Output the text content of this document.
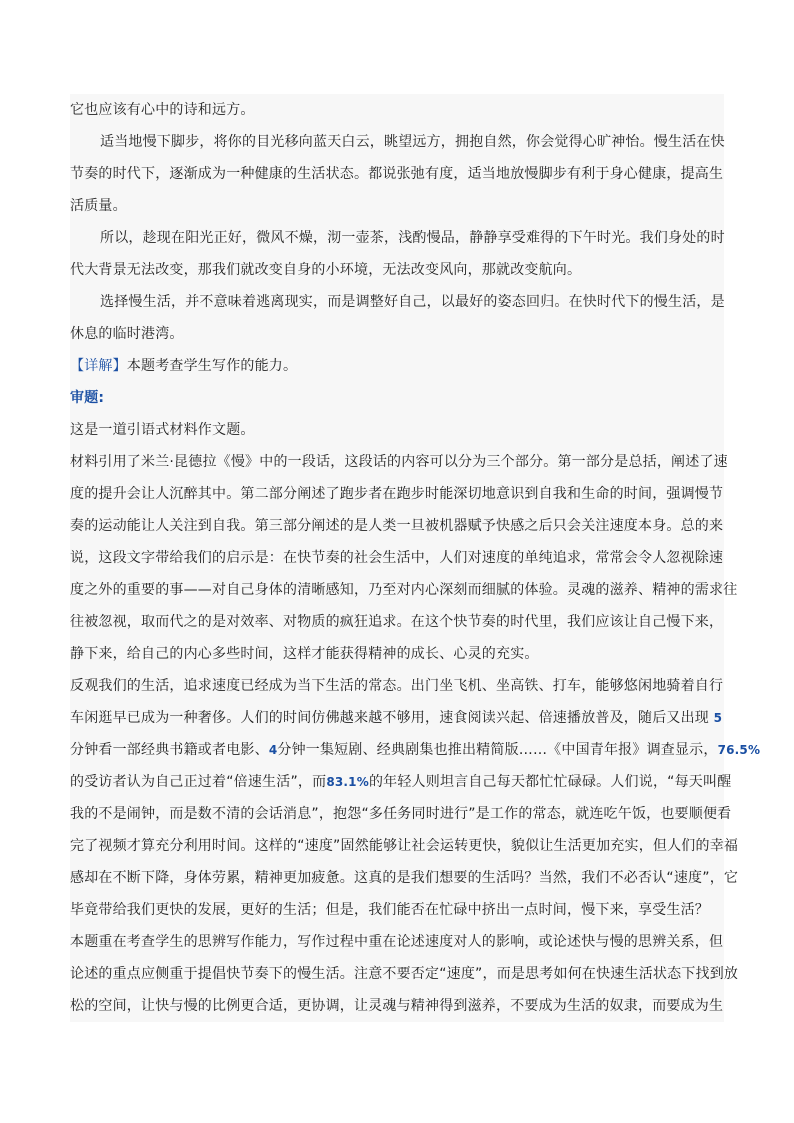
它也应该有心中的诗和远方。
适当地慢下脚步，将你的目光移向蓝天白云，眺望远方，拥抱自然，你会觉得心旷神怡。慢生活在快
节奏的时代下，逐渐成为一种健康的生活状态。都说张弛有度，适当地放慢脚步有利于身心健康，提高生
活质量。
所以，趁现在阳光正好，微风不燥，沏一壶茶，浅酌慢品，静静享受难得的下午时光。我们身处的时
代大背景无法改变，那我们就改变自身的小环境，无法改变风向，那就改变航向。
选择慢生活，并不意味着逃离现实，而是调整好自己，以最好的姿态回归。在快时代下的慢生活，是
休息的临时港湾。
【详解】本题考查学生写作的能力。
审题:
这是一道引语式材料作文题。
材料引用了米兰·昆德拉《慢》中的一段话，这段话的内容可以分为三个部分。第一部分是总括，阐述了速
度的提升会让人沉醉其中。第二部分阐述了跑步者在跑步时能深切地意识到自我和生命的时间，强调慢节
奏的运动能让人关注到自我。第三部分阐述的是人类一旦被机器赋予快感之后只会关注速度本身。总的来
说，这段文字带给我们的启示是：在快节奏的社会生活中，人们对速度的单纯追求，常常会令人忽视除速
度之外的重要的事——对自己身体的清晰感知，乃至对内心深刻而细腻的体验。灵魂的滋养、精神的需求往
往被忽视，取而代之的是对效率、对物质的疯狂追求。在这个快节奏的时代里，我们应该让自己慢下来，
静下来，给自己的内心多些时间，这样才能获得精神的成长、心灵的充实。
反观我们的生活，追求速度已经成为当下生活的常态。出门坐飞机、坐高铁、打车，能够悠闲地骑着自行
车闲逛早已成为一种奢侈。人们的时间仿佛越来越不够用，速食阅读兴起、倍速播放普及，随后又出现 5
分钟看一部经典书籍或者电影、4分钟一集短剧、经典剧集也推出精简版……《中国青年报》调查显示，76.5%
的受访者认为自己正过着“倍速生活”，而83.1%的年轻人则坦言自己每天都忙忙碌碌。人们说，“每天叫醒
我的不是闹钟，而是数不清的会话消息”，抱怨“多任务同时进行”是工作的常态，就连吃午饭，也要顺便看
完了视频才算充分利用时间。这样的“速度”固然能够让社会运转更快，貌似让生活更加充实，但人们的幸福
感却在不断下降，身体劳累，精神更加疲惫。这真的是我们想要的生活吗？当然，我们不必否认“速度”，它
毕竟带给我们更快的发展，更好的生活；但是，我们能否在忙碌中挤出一点时间，慢下来，享受生活？
本题重在考查学生的思辨写作能力，写作过程中重在论述速度对人的影响，或论述快与慢的思辨关系，但
论述的重点应侧重于提倡快节奏下的慢生活。注意不要否定“速度”，而是思考如何在快速生活状态下找到放
松的空间，让快与慢的比例更合适，更协调，让灵魂与精神得到滋养，不要成为生活的奴隶，而要成为生
